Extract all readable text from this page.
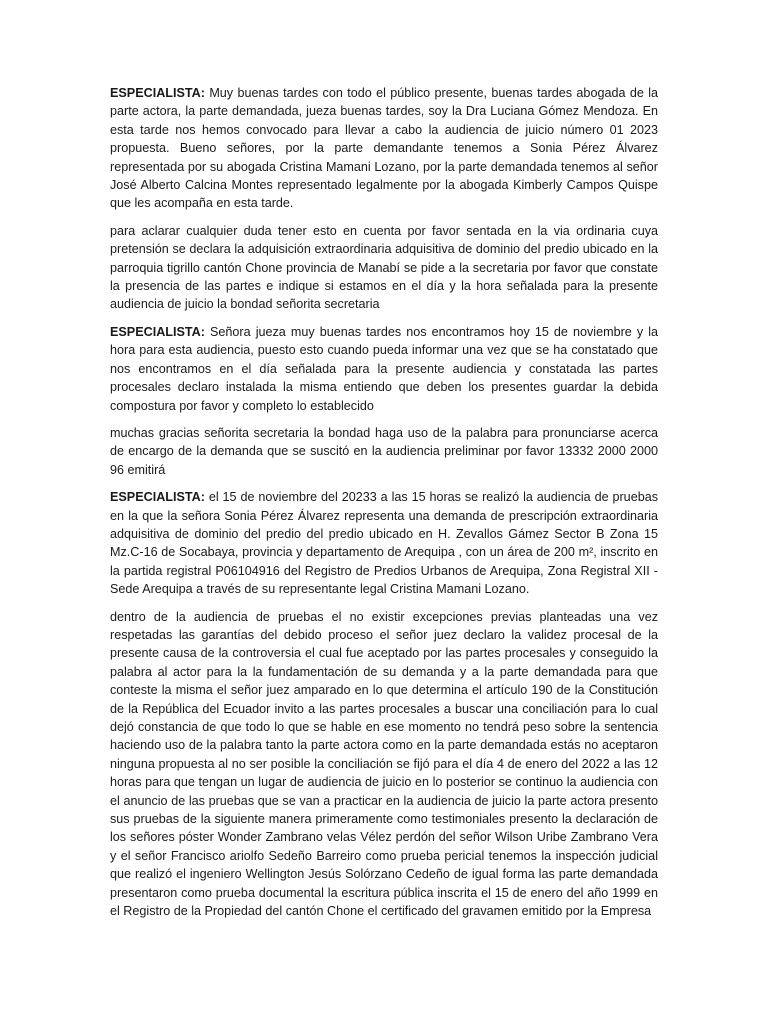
ESPECIALISTA: Muy buenas tardes con todo el público presente, buenas tardes abogada de la parte actora, la parte demandada, jueza buenas tardes, soy la Dra Luciana Gómez Mendoza. En esta tarde nos hemos convocado para llevar a cabo la audiencia de juicio número 01 2023 propuesta. Bueno señores, por la parte demandante tenemos a Sonia Pérez Álvarez representada por su abogada Cristina Mamani Lozano, por la parte demandada tenemos al señor José Alberto Calcina Montes representado legalmente por la abogada Kimberly Campos Quispe que les acompaña en esta tarde.

para aclarar cualquier duda tener esto en cuenta por favor sentada en la via ordinaria cuya pretensión se declara la adquisición extraordinaria adquisitiva de dominio del predio ubicado en la parroquia tigrillo cantón Chone provincia de Manabí se pide a la secretaria por favor que constate la presencia de las partes e indique si estamos en el día y la hora señalada para la presente audiencia de juicio la bondad señorita secretaria

ESPECIALISTA: Señora jueza muy buenas tardes nos encontramos hoy 15 de noviembre y la hora para esta audiencia, puesto esto cuando pueda informar una vez que se ha constatado que nos encontramos en el día señalada para la presente audiencia y constatada las partes procesales declaro instalada la misma entiendo que deben los presentes guardar la debida compostura por favor y completo lo establecido

muchas gracias señorita secretaria la bondad haga uso de la palabra para pronunciarse acerca de encargo de la demanda que se suscitó en la audiencia preliminar por favor 13332 2000 2000 96 emitirá

ESPECIALISTA: el 15 de noviembre del 20233 a las 15 horas se realizó la audiencia de pruebas en la que la señora Sonia Pérez Álvarez representa una demanda de prescripción extraordinaria adquisitiva de dominio del predio del predio ubicado en H. Zevallos Gámez Sector B Zona 15 Mz.C-16 de Socabaya, provincia y departamento de Arequipa , con un área de 200 m², inscrito en la partida registral P06104916 del Registro de Predios Urbanos de Arequipa, Zona Registral XII -Sede Arequipa a través de su representante legal Cristina Mamani Lozano.

dentro de la audiencia de pruebas el no existir excepciones previas planteadas una vez respetadas las garantías del debido proceso el señor juez declaro la validez procesal de la presente causa de la controversia el cual fue aceptado por las partes procesales y conseguido la palabra al actor para la la fundamentación de su demanda y a la parte demandada para que conteste la misma el señor juez amparado en lo que determina el artículo 190 de la Constitución de la República del Ecuador invito a las partes procesales a buscar una conciliación para lo cual dejó constancia de que todo lo que se hable en ese momento no tendrá peso sobre la sentencia haciendo uso de la palabra tanto la parte actora como en la parte demandada estás no aceptaron ninguna propuesta al no ser posible la conciliación se fijó para el día 4 de enero del 2022 a las 12 horas para que tengan un lugar de audiencia de juicio en lo posterior se continuo la audiencia con el anuncio de las pruebas que se van a practicar en la audiencia de juicio la parte actora presento sus pruebas de la siguiente manera primeramente como testimoniales presento la declaración de los señores póster Wonder Zambrano velas Vélez perdón del señor Wilson Uribe Zambrano Vera y el señor Francisco ariolfo Sedeño Barreiro como prueba pericial tenemos la inspección judicial que realizó el ingeniero Wellington Jesús Solórzano Cedeño de igual forma las parte demandada presentaron como prueba documental la escritura pública inscrita el 15 de enero del año 1999 en el Registro de la Propiedad del cantón Chone el certificado del gravamen emitido por la Empresa
